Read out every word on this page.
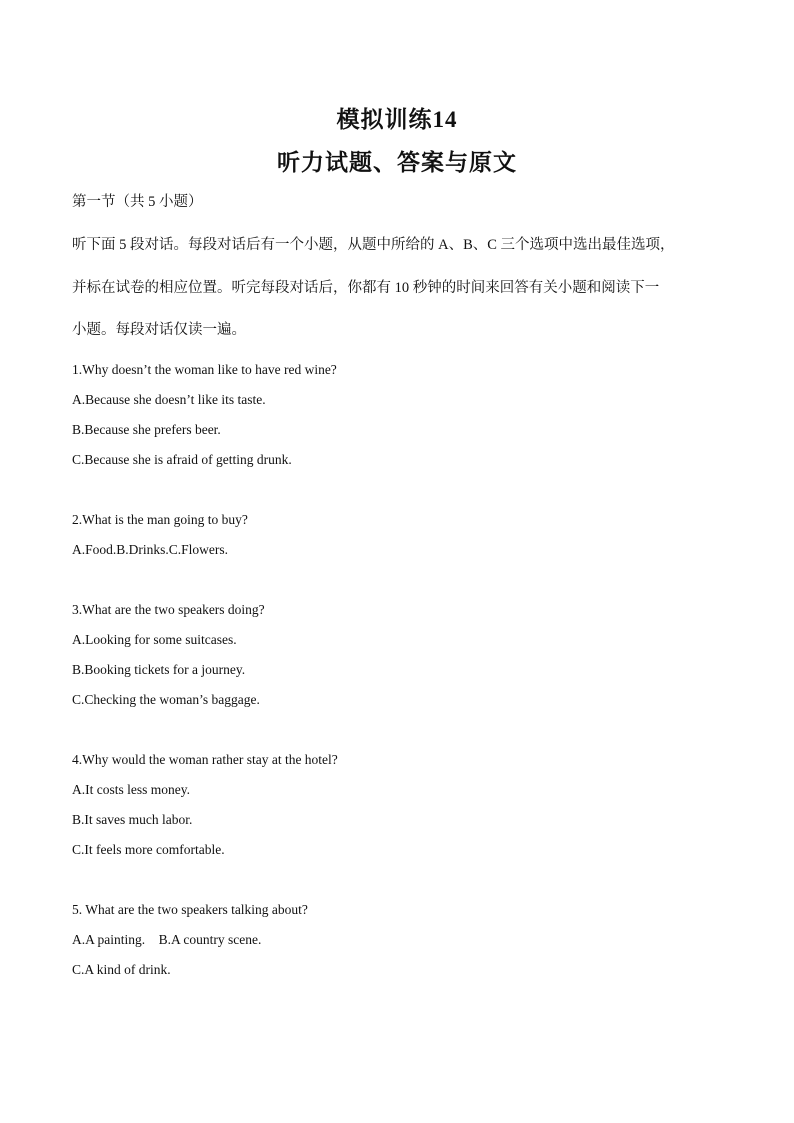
模拟训练14
听力试题、答案与原文
第一节（共 5 小题）
听下面 5 段对话。每段对话后有一个小题，从题中所给的 A、B、C 三个选项中选出最佳选项，
并标在试卷的相应位置。听完每段对话后，你都有 10 秒钟的时间来回答有关小题和阅读下一
小题。每段对话仅读一遍。
1.Why doesn’t the woman like to have red wine?
A.Because she doesn’t like its taste.
B.Because she prefers beer.
C.Because she is afraid of getting drunk.
2.What is the man going to buy?
A.Food.B.Drinks.C.Flowers.
3.What are the two speakers doing?
A.Looking for some suitcases.
B.Booking tickets for a journey.
C.Checking the woman’s baggage.
4.Why would the woman rather stay at the hotel?
A.It costs less money.
B.It saves much labor.
C.It feels more comfortable.
5. What are the two speakers talking about?
A.A painting.    B.A country scene.
C.A kind of drink.
